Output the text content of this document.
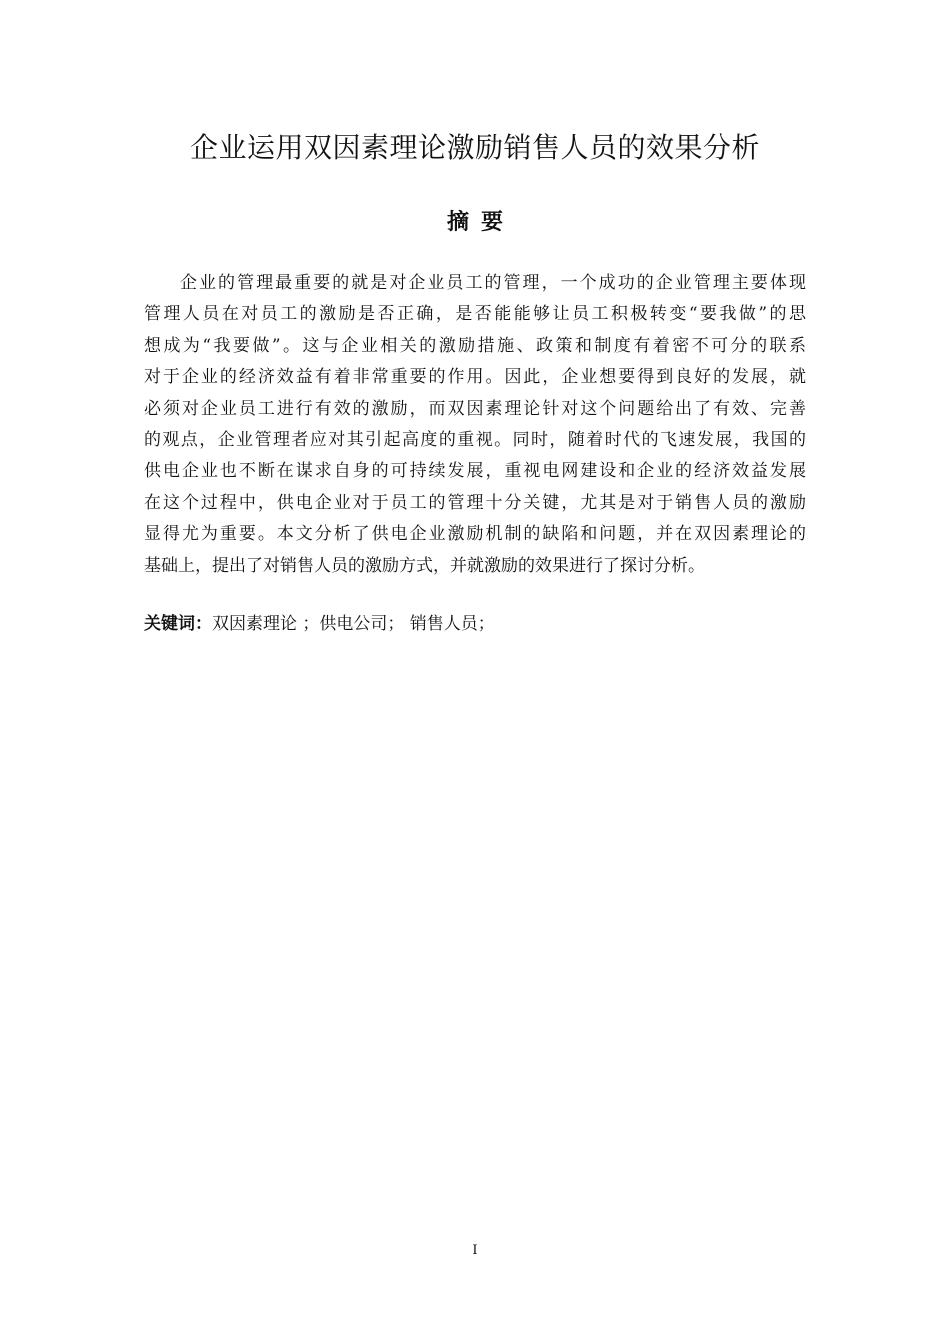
企业运用双因素理论激励销售人员的效果分析
摘要
企业的管理最重要的就是对企业员工的管理，一个成功的企业管理主要体现
管理人员在对员工的激励是否正确，是否能能够让员工积极转变“要我做”的思
想成为“我要做”。这与企业相关的激励措施、政策和制度有着密不可分的联系
对于企业的经济效益有着非常重要的作用。因此，企业想要得到良好的发展，就
必须对企业员工进行有效的激励，而双因素理论针对这个问题给出了有效、完善
的观点，企业管理者应对其引起高度的重视。同时，随着时代的飞速发展，我国的
供电企业也不断在谋求自身的可持续发展，重视电网建设和企业的经济效益发展
在这个过程中，供电企业对于员工的管理十分关键，尤其是对于销售人员的激励
显得尤为重要。本文分析了供电企业激励机制的缺陷和问题，并在双因素理论的
基础上，提出了对销售人员的激励方式，并就激励的效果进行了探讨分析。
关键词：双因素理论 ；供电公司； 销售人员；
I
